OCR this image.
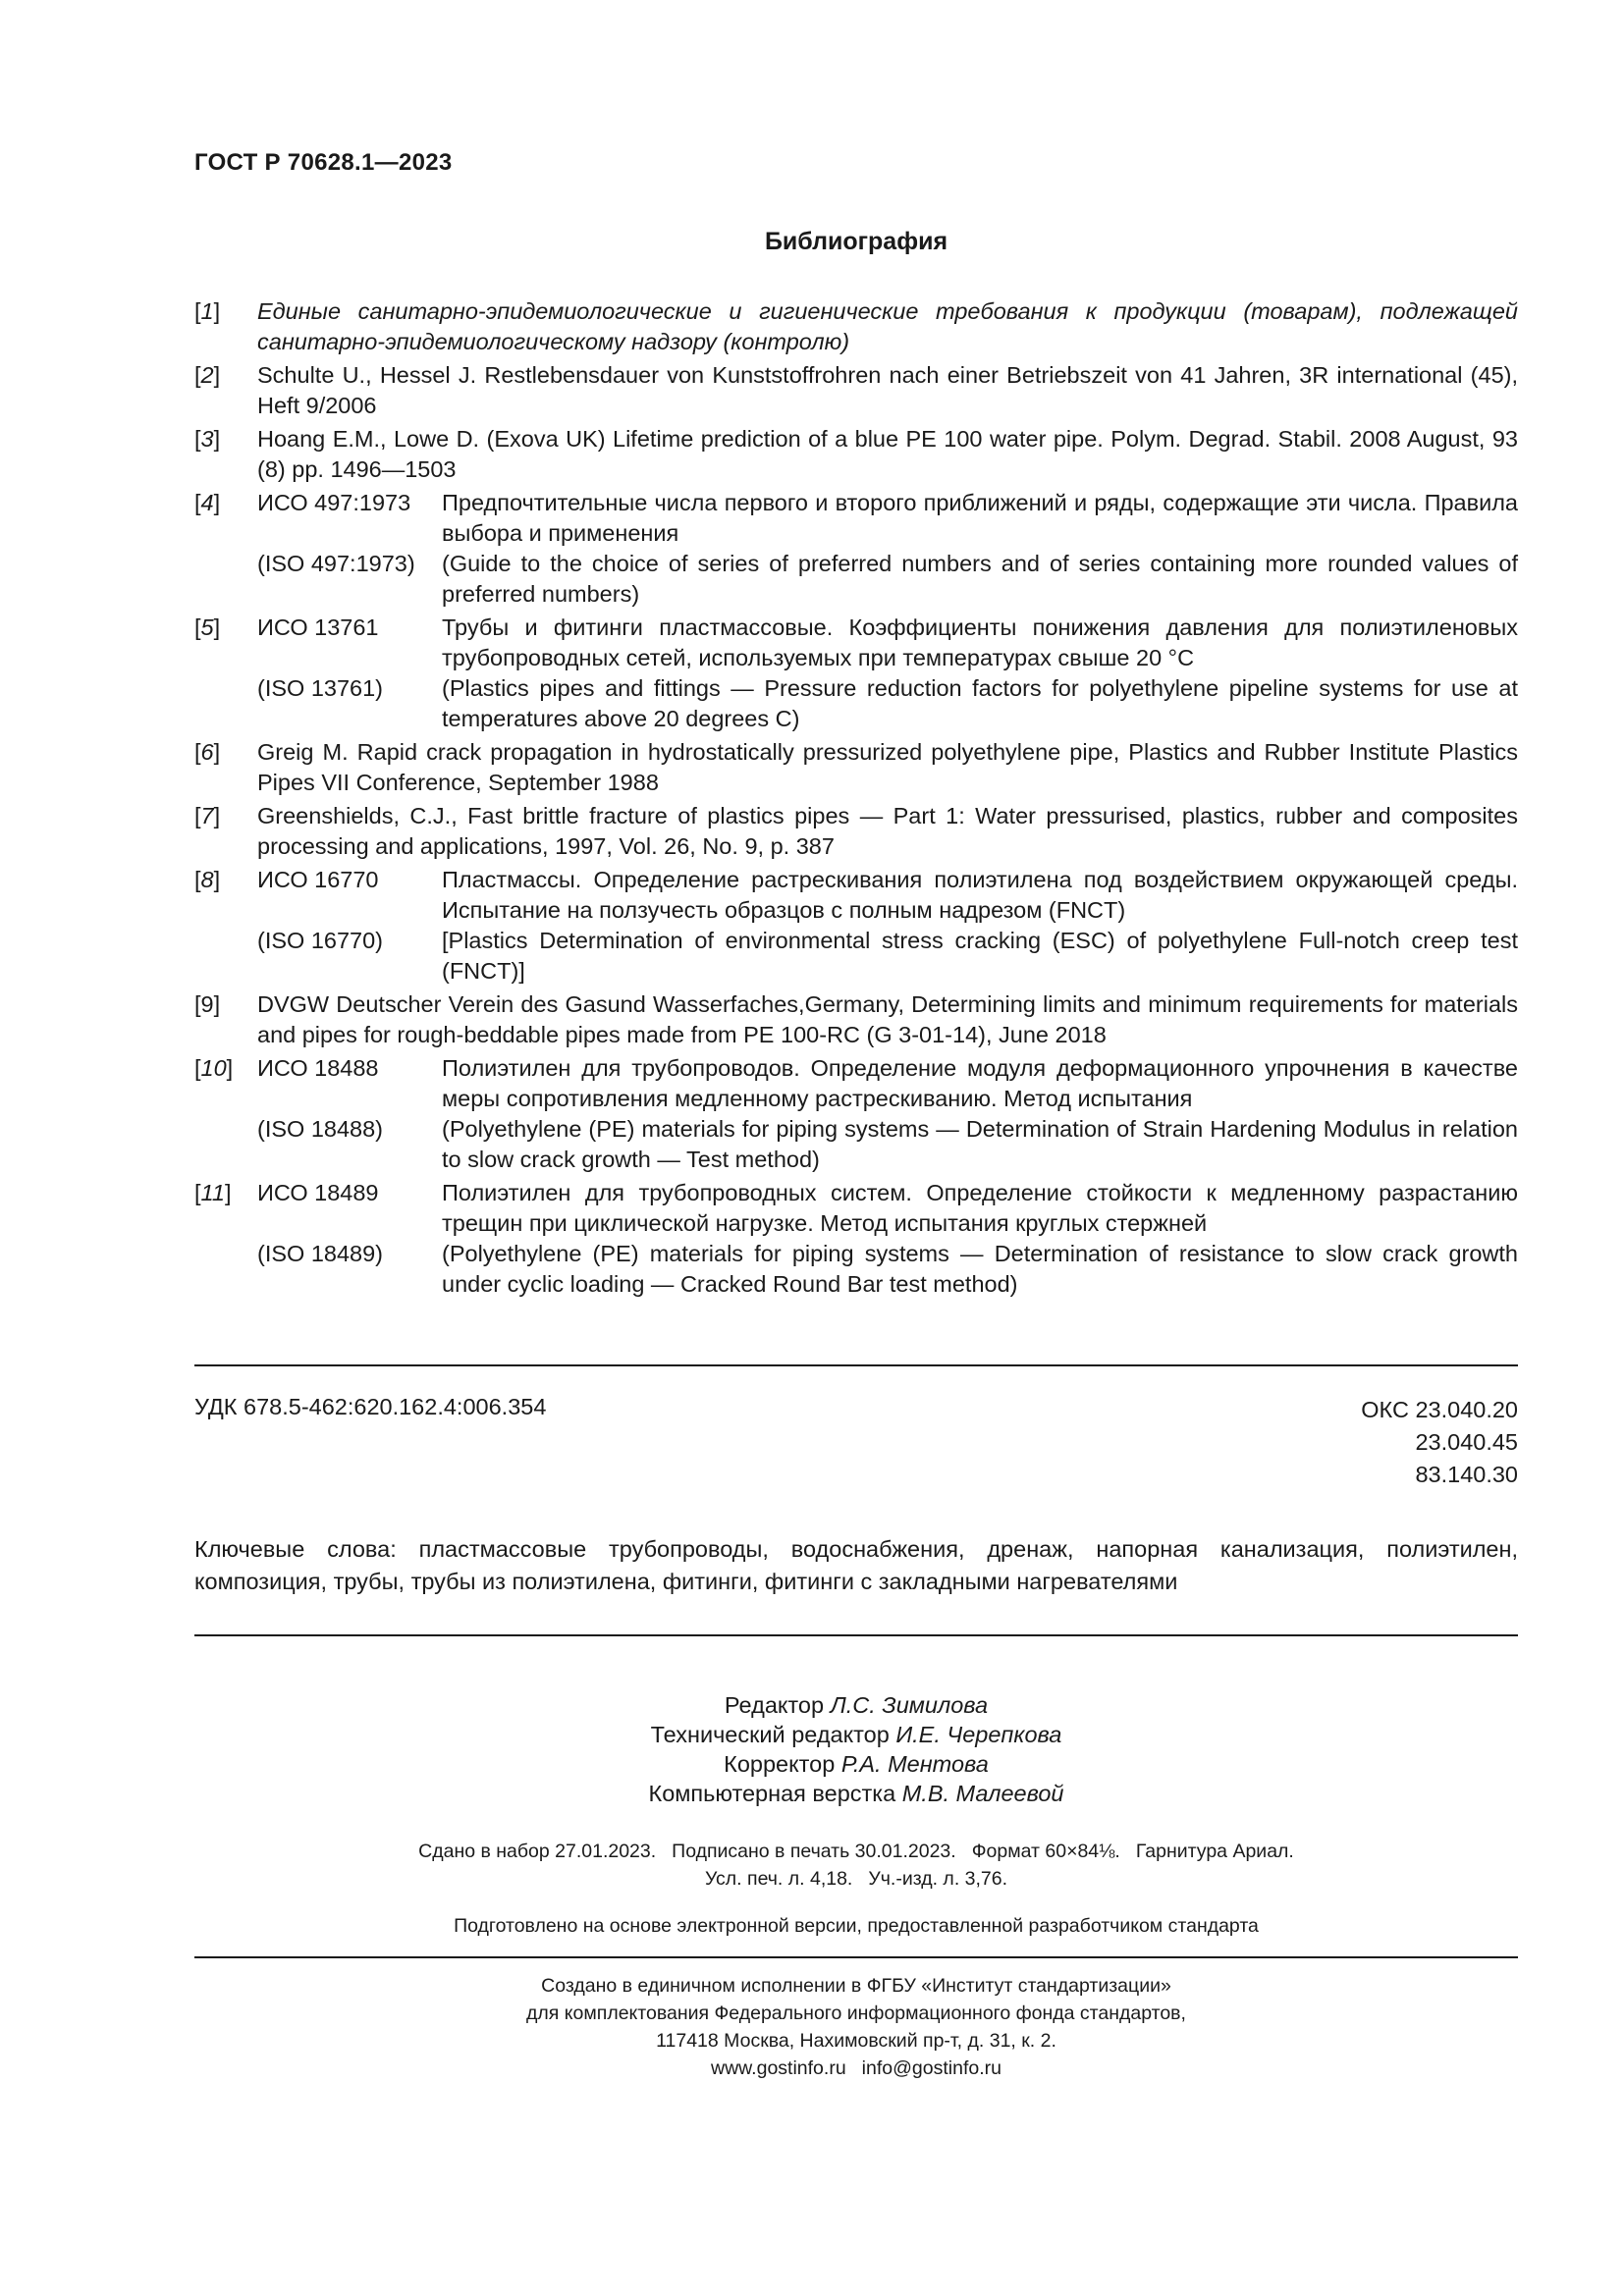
ГОСТ Р 70628.1—2023
Библиография
[1]	Единые санитарно-эпидемиологические и гигиенические требования к продукции (товарам), подлежащей санитарно-эпидемиологическому надзору (контролю)
[2]	Schulte U., Hessel J. Restlebensdauer von Kunststoffrohren nach einer Betriebszeit von 41 Jahren, 3R international (45), Heft 9/2006
[3]	Hoang E.M., Lowe D. (Exova UK) Lifetime prediction of a blue PE 100 water pipe. Polym. Degrad. Stabil. 2008 August, 93 (8) pp. 1496—1503
[4]	ИСО 497:1973	Предпочтительные числа первого и второго приближений и ряды, содержащие эти числа. Правила выбора и применения
(ISO 497:1973)	(Guide to the choice of series of preferred numbers and of series containing more rounded values of preferred numbers)
[5]	ИСО 13761	Трубы и фитинги пластмассовые. Коэффициенты понижения давления для полиэтиленовых трубопроводных сетей, используемых при температурах свыше 20 °С
(ISO 13761)	(Plastics pipes and fittings — Pressure reduction factors for polyethylene pipeline systems for use at temperatures above 20 degrees C)
[6]	Greig M. Rapid crack propagation in hydrostatically pressurized polyethylene pipe, Plastics and Rubber Institute Plastics Pipes VII Conference, September 1988
[7]	Greenshields, C.J., Fast brittle fracture of plastics pipes — Part 1: Water pressurised, plastics, rubber and composites processing and applications, 1997, Vol. 26, No. 9, p. 387
[8]	ИСО 16770	Пластмассы. Определение растрескивания полиэтилена под воздействием окружающей среды. Испытание на ползучесть образцов с полным надрезом (FNCT)
(ISO 16770)	[Plastics Determination of environmental stress cracking (ESC) of polyethylene Full-notch creep test (FNCT)]
[9]	DVGW Deutscher Verein des Gasund Wasserfaches,Germany, Determining limits and minimum requirements for materials and pipes for rough-beddable pipes made from PE 100-RC (G 3-01-14), June 2018
[10]	ИСО 18488	Полиэтилен для трубопроводов. Определение модуля деформационного упрочнения в качестве меры сопротивления медленному растрескиванию. Метод испытания
(ISO 18488)	(Polyethylene (PE) materials for piping systems — Determination of Strain Hardening Modulus in relation to slow crack growth — Test method)
[11]	ИСО 18489	Полиэтилен для трубопроводных систем. Определение стойкости к медленному разрастанию трещин при циклической нагрузке. Метод испытания круглых стержней
(ISO 18489)	(Polyethylene (PE) materials for piping systems — Determination of resistance to slow crack growth under cyclic loading — Cracked Round Bar test method)
УДК 678.5-462:620.162.4:006.354	ОКС 23.040.20
23.040.45
83.140.30
Ключевые слова: пластмассовые трубопроводы, водоснабжения, дренаж, напорная канализация, полиэтилен, композиция, трубы, трубы из полиэтилена, фитинги, фитинги с закладными нагревателями
Редактор Л.С. Зимилова
Технический редактор И.Е. Черепкова
Корректор Р.А. Ментова
Компьютерная верстка М.В. Малеевой
Сдано в набор 27.01.2023. Подписано в печать 30.01.2023. Формат 60×84⅛. Гарнитура Ариал.
Усл. печ. л. 4,18. Уч.-изд. л. 3,76.
Подготовлено на основе электронной версии, предоставленной разработчиком стандарта
Создано в единичном исполнении в ФГБУ «Институт стандартизации»
для комплектования Федерального информационного фонда стандартов,
117418 Москва, Нахимовский пр-т, д. 31, к. 2.
www.gostinfo.ru info@gostinfo.ru
